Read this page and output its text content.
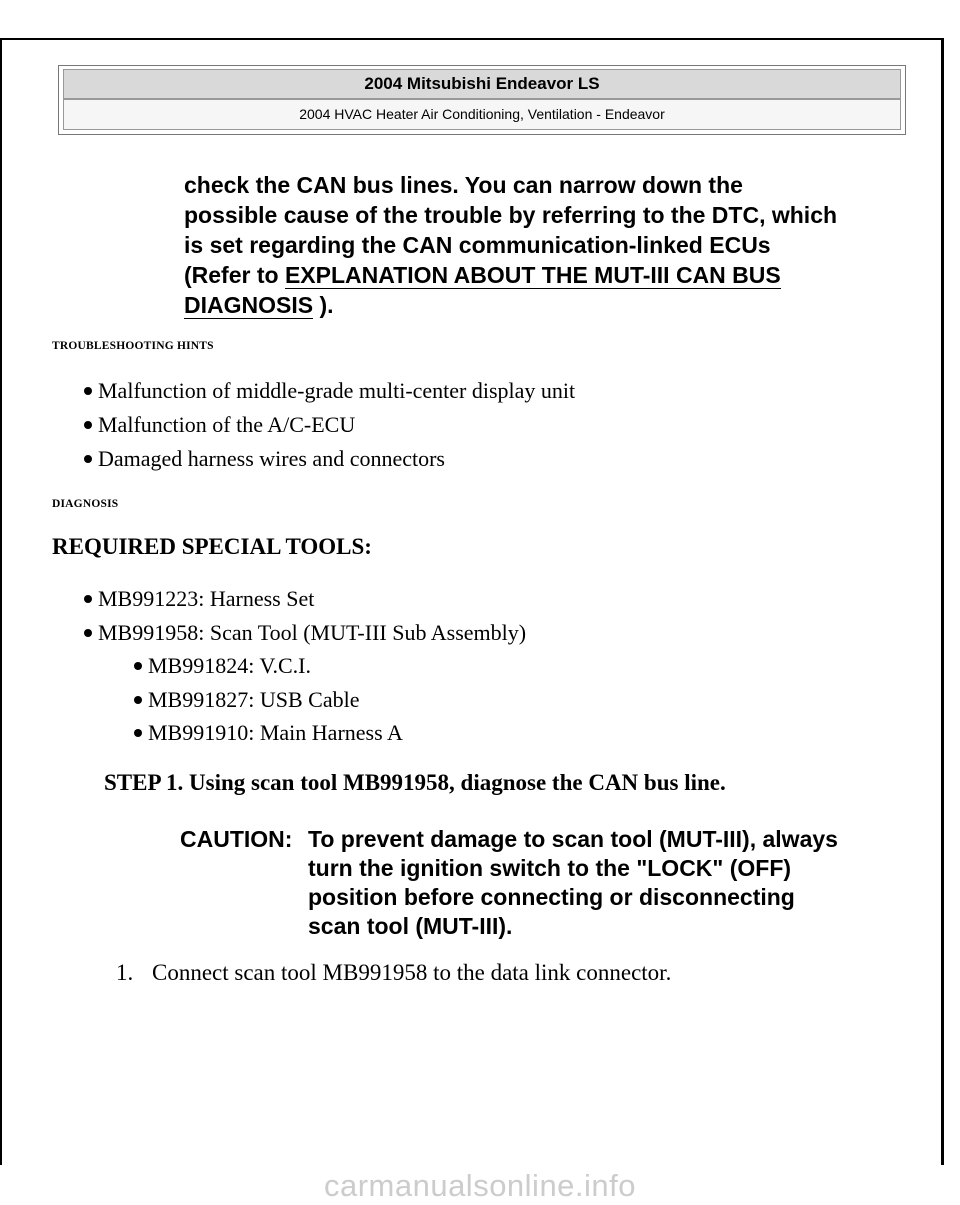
2004 Mitsubishi Endeavor LS
2004 HVAC Heater Air Conditioning, Ventilation - Endeavor
check the CAN bus lines. You can narrow down the
possible cause of the trouble by referring to the DTC, which
is set regarding the CAN communication-linked ECUs
(Refer to EXPLANATION ABOUT THE MUT-III CAN BUS
DIAGNOSIS ).
TROUBLESHOOTING HINTS
Malfunction of middle-grade multi-center display unit
Malfunction of the A/C-ECU
Damaged harness wires and connectors
DIAGNOSIS
REQUIRED SPECIAL TOOLS:
MB991223: Harness Set
MB991958: Scan Tool (MUT-III Sub Assembly)
MB991824: V.C.I.
MB991827: USB Cable
MB991910: Main Harness A
STEP 1. Using scan tool MB991958, diagnose the CAN bus line.
CAUTION: To prevent damage to scan tool (MUT-III), always
turn the ignition switch to the "LOCK" (OFF)
position before connecting or disconnecting
scan tool (MUT-III).
1. Connect scan tool MB991958 to the data link connector.
carmanualsonline.info
